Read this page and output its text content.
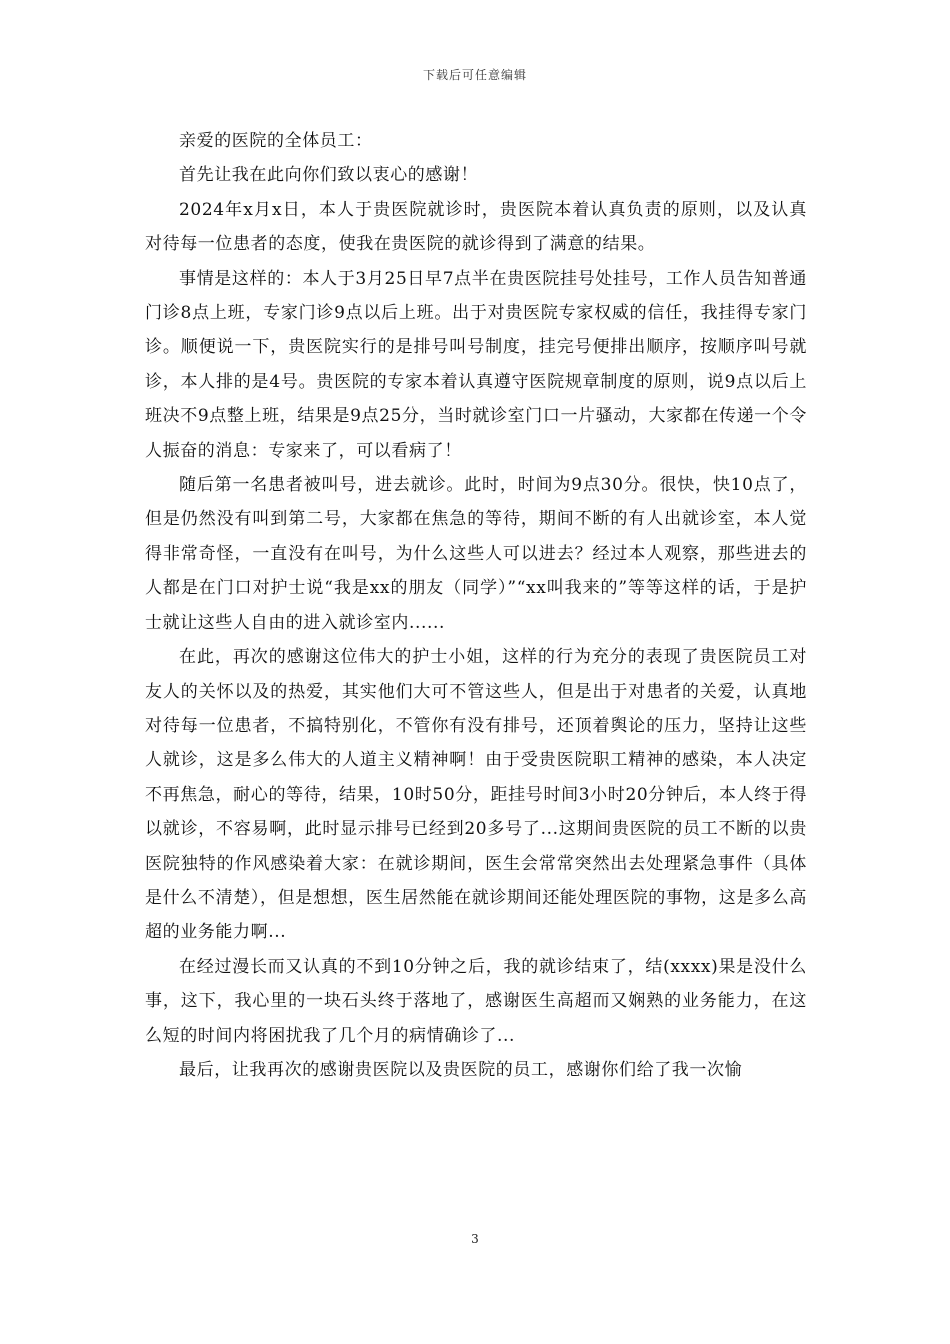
下载后可任意编辑

亲爱的医院的全体员工：

首先让我在此向你们致以衷心的感谢！

2024年x月x日，本人于贵医院就诊时，贵医院本着认真负责的原则，以及认真对待每一位患者的态度，使我在贵医院的就诊得到了满意的结果。

事情是这样的：本人于3月25日早7点半在贵医院挂号处挂号，工作人员告知普通门诊8点上班，专家门诊9点以后上班。出于对贵医院专家权威的信任，我挂得专家门诊。顺便说一下，贵医院实行的是排号叫号制度，挂完号便排出顺序，按顺序叫号就诊，本人排的是4号。贵医院的专家本着认真遵守医院规章制度的原则，说9点以后上班决不9点整上班，结果是9点25分，当时就诊室门口一片骚动，大家都在传递一个令人振奋的消息：专家来了，可以看病了！

随后第一名患者被叫号，进去就诊。此时，时间为9点30分。很快，快10点了，但是仍然没有叫到第二号，大家都在焦急的等待，期间不断的有人出就诊室，本人觉得非常奇怪，一直没有在叫号，为什么这些人可以进去？经过本人观察，那些进去的人都是在门口对护士说“我是xx的朋友（同学）”“xx叫我来的”等等这样的话，于是护士就让这些人自由的进入就诊室内......

在此，再次的感谢这位伟大的护士小姐，这样的行为充分的表现了贵医院员工对友人的关怀以及的热爱，其实他们大可不管这些人，但是出于对患者的关爱，认真地对待每一位患者，不搞特别化，不管你有没有排号，还顶着舆论的压力，坚持让这些人就诊，这是多么伟大的人道主义精神啊！由于受贵医院职工精神的感染，本人决定不再焦急，耐心的等待，结果，10时50分，距挂号时间3小时20分钟后，本人终于得以就诊，不容易啊，此时显示排号已经到20多号了...这期间贵医院的员工不断的以贵医院独特的作风感染着大家：在就诊期间，医生会常常突然出去处理紧急事件（具体是什么不清楚），但是想想，医生居然能在就诊期间还能处理医院的事物，这是多么高超的业务能力啊...

在经过漫长而又认真的不到10分钟之后，我的就诊结束了，结(xxxx)果是没什么事，这下，我心里的一块石头终于落地了，感谢医生高超而又娴熟的业务能力，在这么短的时间内将困扰我了几个月的病情确诊了...

最后，让我再次的感谢贵医院以及贵医院的员工，感谢你们给了我一次愉

3
